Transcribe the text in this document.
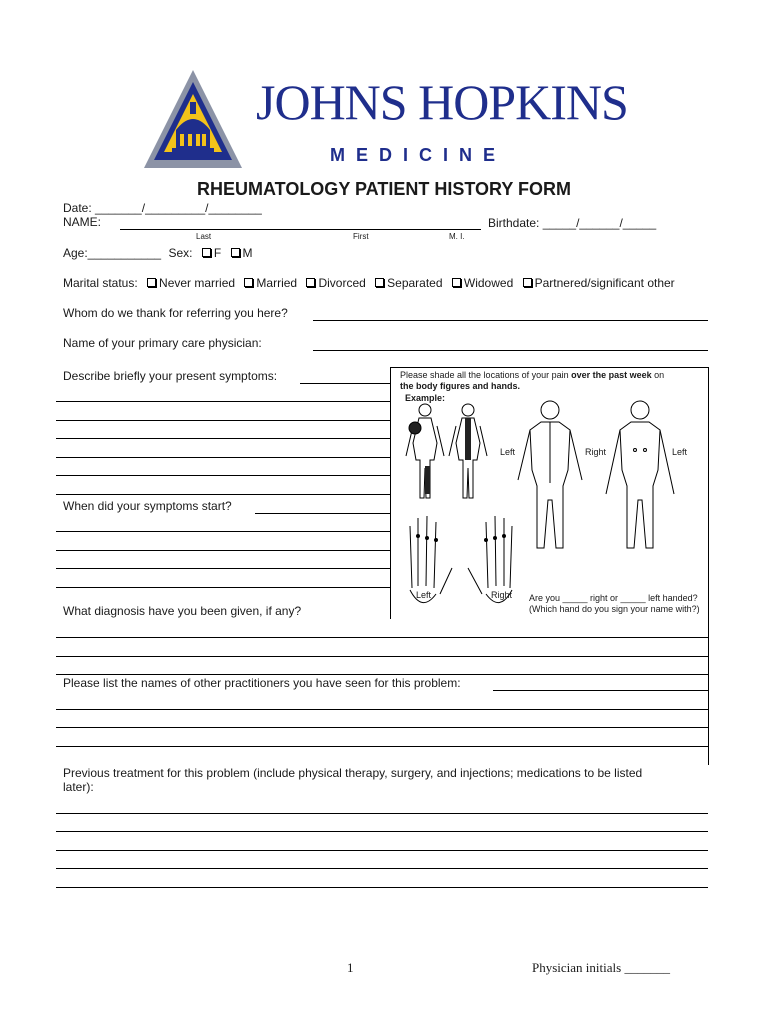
JOHNS HOPKINS
MEDICINE
RHEUMATOLOGY PATIENT HISTORY FORM
Date: _______/_________/________
NAME:
Last	First	M. I.
Birthdate: _____/______/_____
Age:___________ Sex: F M
Marital status: Never married Married Divorced Separated Widowed Partnered/significant other
Whom do we thank for referring you here?
Name of your primary care physician:
Describe briefly your present symptoms:
When did your symptoms start?
Please shade all the locations of your pain over the past week on
the body figures and hands.
Example:
Left	Right	Left
Left	Right Are you _____ right or _____ left handed?
(Which hand do you sign your name with?)
What diagnosis have you been given, if any?
Please list the names of other practitioners you have seen for this problem:
Previous treatment for this problem (include physical therapy, surgery, and injections; medications to be listed
later):
1	Physician initials _______
